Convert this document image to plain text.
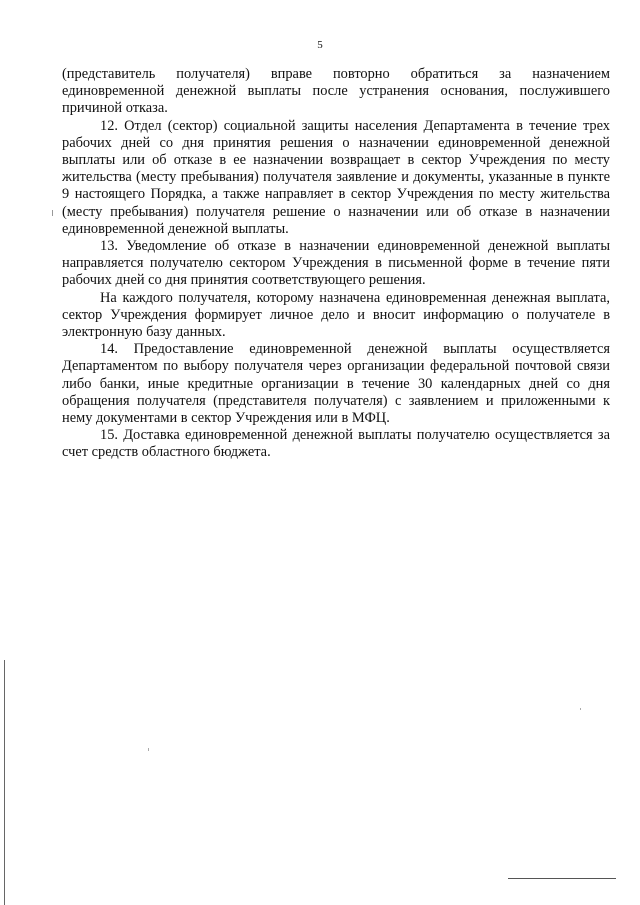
5

(представитель получателя) вправе повторно обратиться за назначением единовременной денежной выплаты после устранения основания, послужившего причиной отказа.

12. Отдел (сектор) социальной защиты населения Департамента в течение трех рабочих дней со дня принятия решения о назначении единовременной денежной выплаты или об отказе в ее назначении возвращает в сектор Учреждения по месту жительства (месту пребывания) получателя заявление и документы, указанные в пункте 9 настоящего Порядка, а также направляет в сектор Учреждения по месту жительства (месту пребывания) получателя решение о назначении или об отказе в назначении единовременной денежной выплаты.

13. Уведомление об отказе в назначении единовременной денежной выплаты направляется получателю сектором Учреждения в письменной форме в течение пяти рабочих дней со дня принятия соответствующего решения.

На каждого получателя, которому назначена единовременная денежная выплата, сектор Учреждения формирует личное дело и вносит информацию о получателе в электронную базу данных.

14. Предоставление единовременной денежной выплаты осуществляется Департаментом по выбору получателя через организации федеральной почтовой связи либо банки, иные кредитные организации в течение 30 календарных дней со дня обращения получателя (представителя получателя) с заявлением и приложенными к нему документами в сектор Учреждения или в МФЦ.

15. Доставка единовременной денежной выплаты получателю осуществляется за счет средств областного бюджета.
